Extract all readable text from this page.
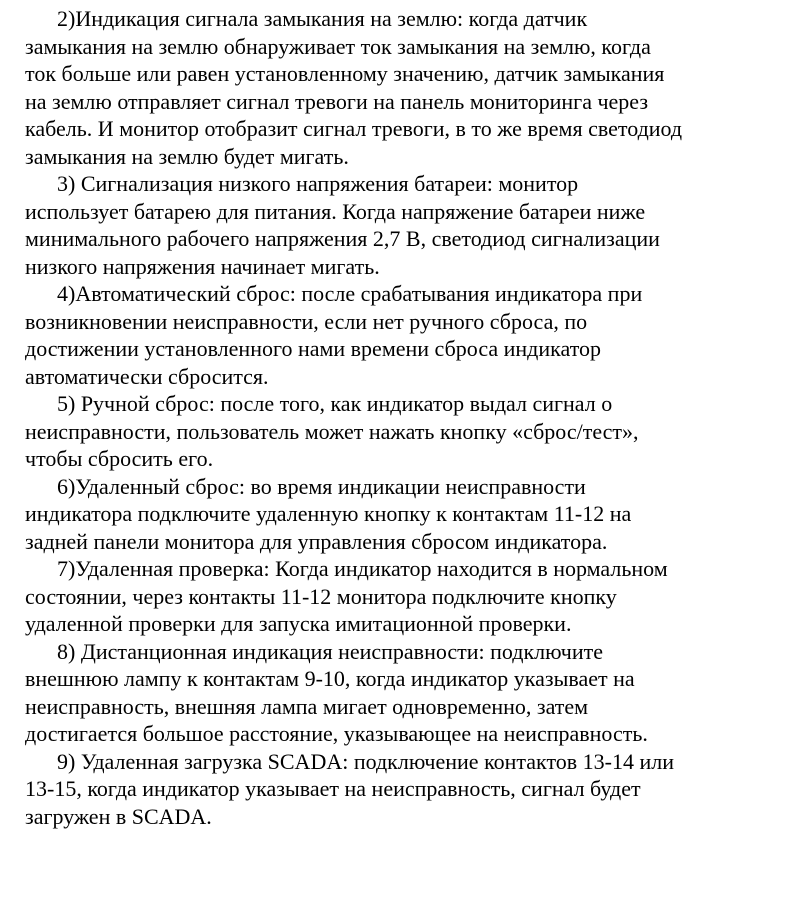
2)Индикация сигнала замыкания на землю: когда датчик
замыкания на землю обнаруживает ток замыкания на землю, когда
ток больше или равен установленному значению, датчик замыкания
на землю отправляет сигнал тревоги на панель мониторинга через
кабель. И монитор отобразит сигнал тревоги, в то же время светодиод
замыкания на землю будет мигать.

3) Сигнализация низкого напряжения батареи: монитор
использует батарею для питания. Когда напряжение батареи ниже
минимального рабочего напряжения 2,7 В, светодиод сигнализации
низкого напряжения начинает мигать.

4)Автоматический сброс: после срабатывания индикатора при
возникновении неисправности, если нет ручного сброса, по
достижении установленного нами времени сброса индикатор
автоматически сбросится.

5) Ручной сброс: после того, как индикатор выдал сигнал о
неисправности, пользователь может нажать кнопку «сброс/тест»,
чтобы сбросить его.

6)Удаленный сброс: во время индикации неисправности
индикатора подключите удаленную кнопку к контактам 11-12 на
задней панели монитора для управления сбросом индикатора.

7)Удаленная проверка: Когда индикатор находится в нормальном
состоянии, через контакты 11-12 монитора подключите кнопку
удаленной проверки для запуска имитационной проверки.

8) Дистанционная индикация неисправности: подключите
внешнюю лампу к контактам 9-10, когда индикатор указывает на
неисправность, внешняя лампа мигает одновременно, затем
достигается большое расстояние, указывающее на неисправность.

9) Удаленная загрузка SCADA: подключение контактов 13-14 или
13-15, когда индикатор указывает на неисправность, сигнал будет
загружен в SCADA.
